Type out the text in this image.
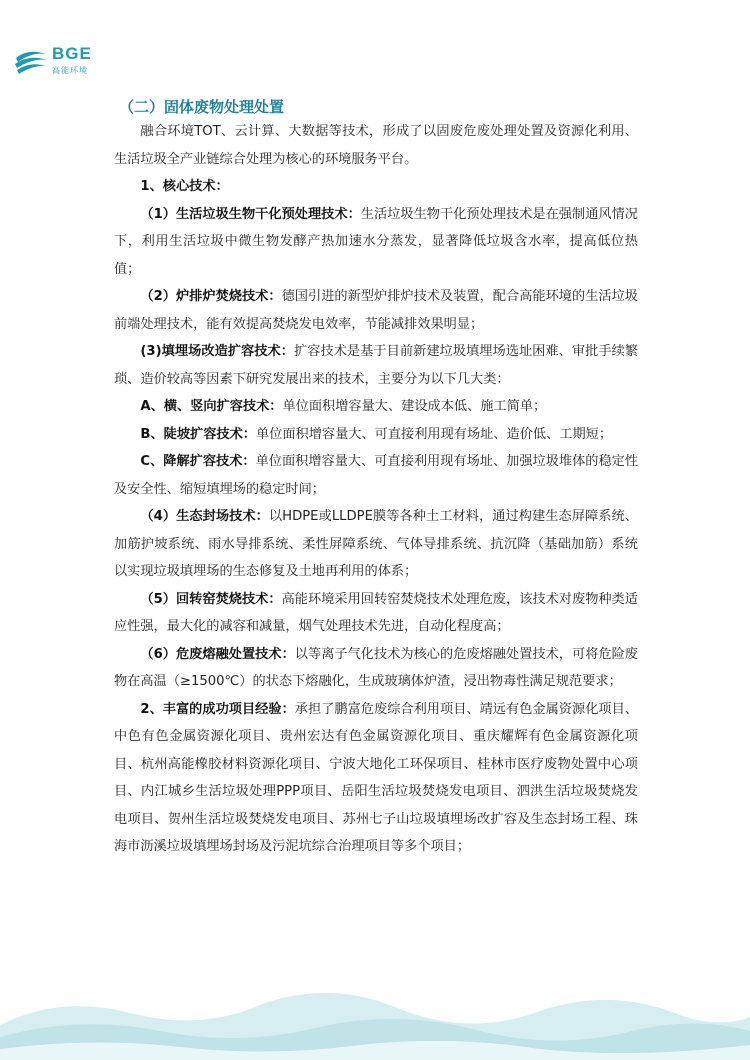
BGE
高能环境
（二）固体废物处理处置

融合环境TOT、云计算、大数据等技术，形成了以固废危废处理处置及资源化利用、生活垃圾全产业链综合处理为核心的环境服务平台。

1、核心技术：

（1）生活垃圾生物干化预处理技术：生活垃圾生物干化预处理技术是在强制通风情况下，利用生活垃圾中微生物发酵产热加速水分蒸发，显著降低垃圾含水率，提高低位热值；

（2）炉排炉焚烧技术：德国引进的新型炉排炉技术及装置，配合高能环境的生活垃圾前端处理技术，能有效提高焚烧发电效率，节能减排效果明显；

(3)填埋场改造扩容技术：扩容技术是基于目前新建垃圾填埋场选址困难、审批手续繁琐、造价较高等因素下研究发展出来的技术，主要分为以下几大类：

A、横、竖向扩容技术：单位面积增容量大、建设成本低、施工简单；

B、陡坡扩容技术：单位面积增容量大、可直接利用现有场址、造价低、工期短；

C、降解扩容技术：单位面积增容量大、可直接利用现有场址、加强垃圾堆体的稳定性及安全性、缩短填埋场的稳定时间；

（4）生态封场技术：以HDPE或LLDPE膜等各种土工材料，通过构建生态屏障系统、加筋护坡系统、雨水导排系统、柔性屏障系统、气体导排系统、抗沉降（基础加筋）系统以实现垃圾填埋场的生态修复及土地再利用的体系；

（5）回转窑焚烧技术：高能环境采用回转窑焚烧技术处理危废，该技术对废物种类适应性强，最大化的减容和减量，烟气处理技术先进，自动化程度高；

（6）危废熔融处置技术：以等离子气化技术为核心的危废熔融处置技术，可将危险废物在高温（≥1500℃）的状态下熔融化，生成玻璃体炉渣，浸出物毒性满足规范要求；

2、丰富的成功项目经验：承担了鹏富危废综合利用项目、靖远有色金属资源化项目、中色有色金属资源化项目、贵州宏达有色金属资源化项目、重庆耀辉有色金属资源化项目、杭州高能橡胶材料资源化项目、宁波大地化工环保项目、桂林市医疗废物处置中心项目、内江城乡生活垃圾处理PPP项目、岳阳生活垃圾焚烧发电项目、泗洪生活垃圾焚烧发电项目、贺州生活垃圾焚烧发电项目、苏州七子山垃圾填埋场改扩容及生态封场工程、珠海市沥溪垃圾填埋场封场及污泥坑综合治理项目等多个项目；
